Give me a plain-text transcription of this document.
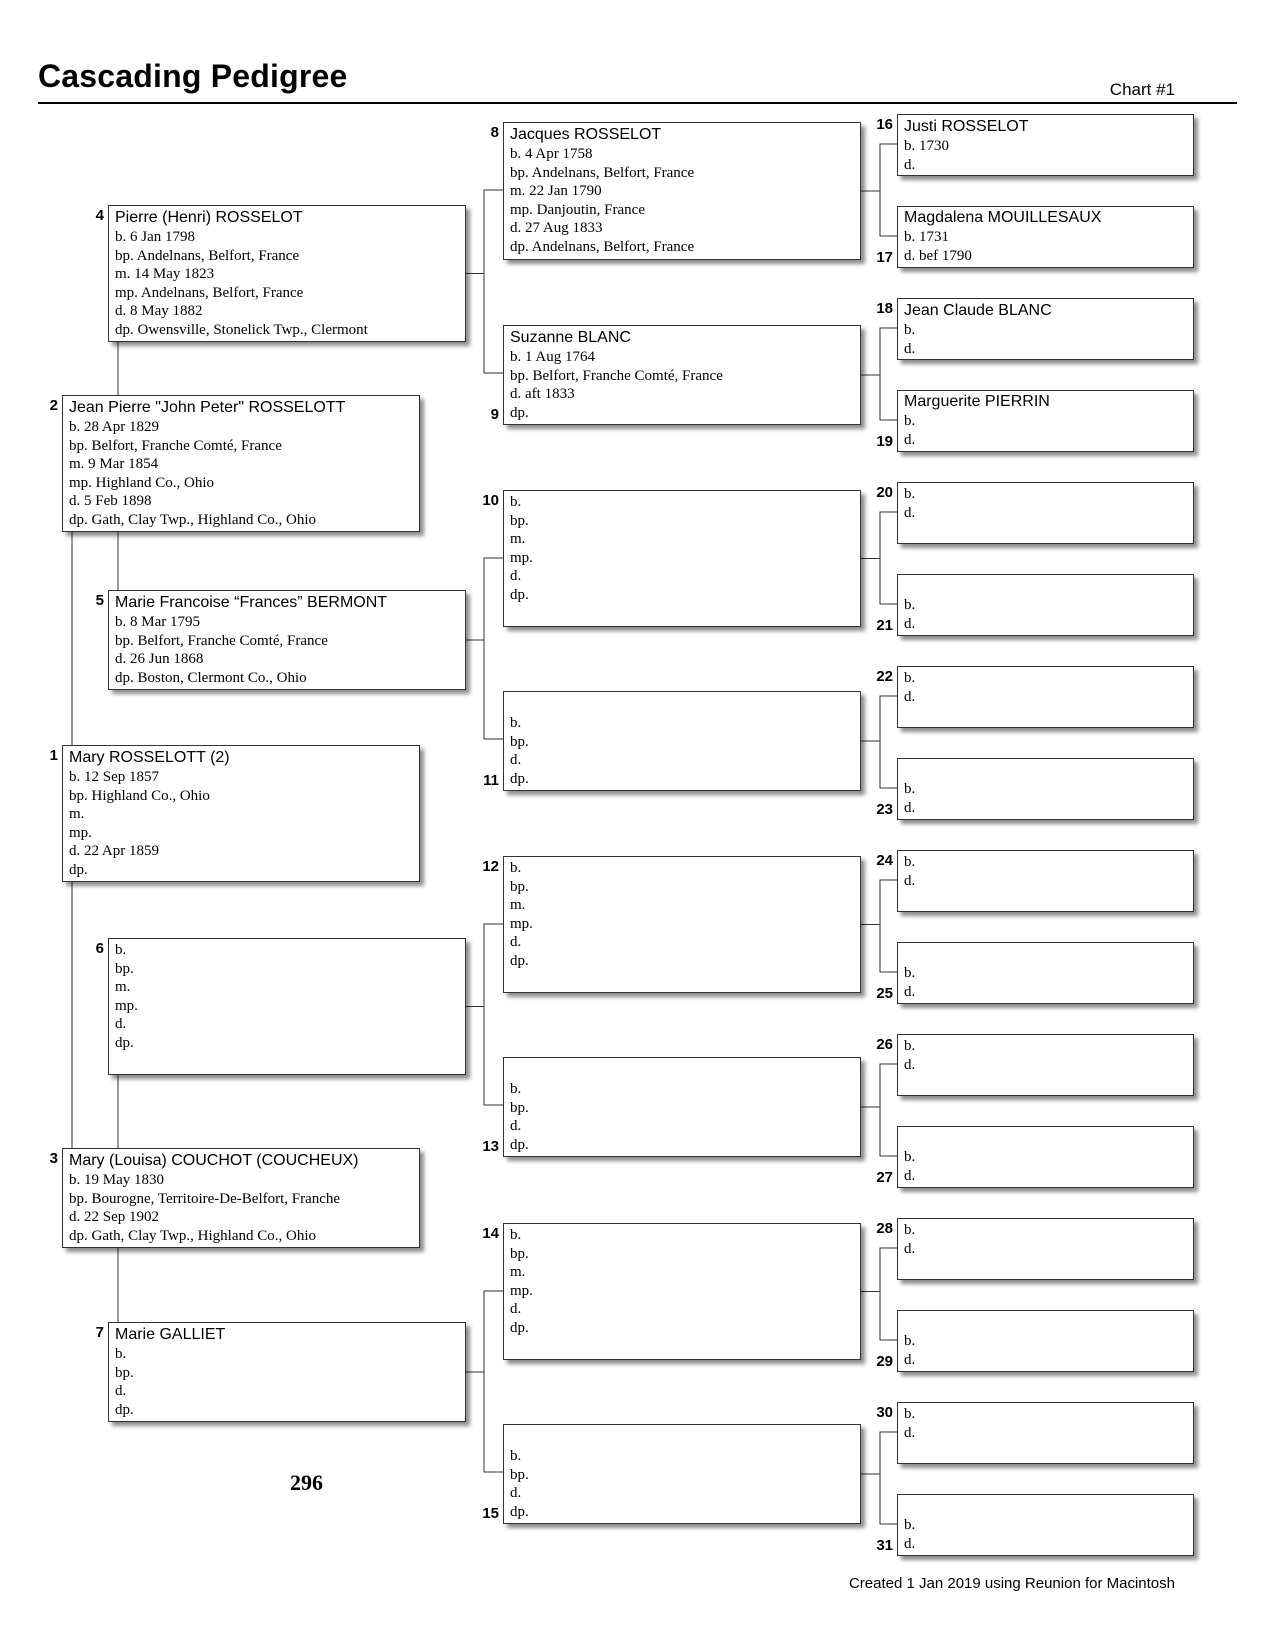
Cascading Pedigree	Chart #1
Mary ROSSELOTT (2)
b. 12 Sep 1857
bp. Highland Co., Ohio
m.
mp.
d. 22 Apr 1859
dp.
1
Jean Pierre "John Peter" ROSSELOTT
b. 28 Apr 1829
bp. Belfort, Franche Comté, France
m. 9 Mar 1854
mp. Highland Co., Ohio
d. 5 Feb 1898
dp. Gath, Clay Twp., Highland Co., Ohio
2
Mary (Louisa) COUCHOT (COUCHEUX)
b. 19 May 1830
bp. Bourogne, Territoire-De-Belfort, Franche
d. 22 Sep 1902
dp. Gath, Clay Twp., Highland Co., Ohio
3
Pierre (Henri) ROSSELOT
b. 6 Jan 1798
bp. Andelnans, Belfort, France
m. 14 May 1823
mp. Andelnans, Belfort, France
d. 8 May 1882
dp. Owensville, Stonelick Twp., Clermont
4
Marie Francoise “Frances” BERMONT
b. 8 Mar 1795
bp. Belfort, Franche Comté, France
d. 26 Jun 1868
dp. Boston, Clermont Co., Ohio
5
b.
bp.
m.
mp.
d.
dp.
6
Marie GALLIET
b.
bp.
d.
dp.
7
Jacques ROSSELOT
b. 4 Apr 1758
bp. Andelnans, Belfort, France
m. 22 Jan 1790
mp. Danjoutin, France
d. 27 Aug 1833
dp. Andelnans, Belfort, France
8
Suzanne BLANC
b. 1 Aug 1764
bp. Belfort, Franche Comté, France
d. aft 1833
dp.
9
b.
bp.
m.
mp.
d.
dp.
10
b.
bp.
d.
dp.
11
b.
bp.
m.
mp.
d.
dp.
12
b.
bp.
d.
dp.
13
b.
bp.
m.
mp.
d.
dp.
14
b.
bp.
d.
dp.
15
Justi ROSSELOT
b. 1730
d.
16
Magdalena MOUILLESAUX
b. 1731
d. bef 1790
17
Jean Claude BLANC
b.
d.
18
Marguerite PIERRIN
b.
d.
19
b.
d.
20
b.
d.
21
b.
d.
22
b.
d.
23
b.
d.
24
b.
d.
25
b.
d.
26
b.
d.
27
b.
d.
28
b.
d.
29
b.
d.
30
b.
d.
31
296
Created 1 Jan 2019 using Reunion for Macintosh
